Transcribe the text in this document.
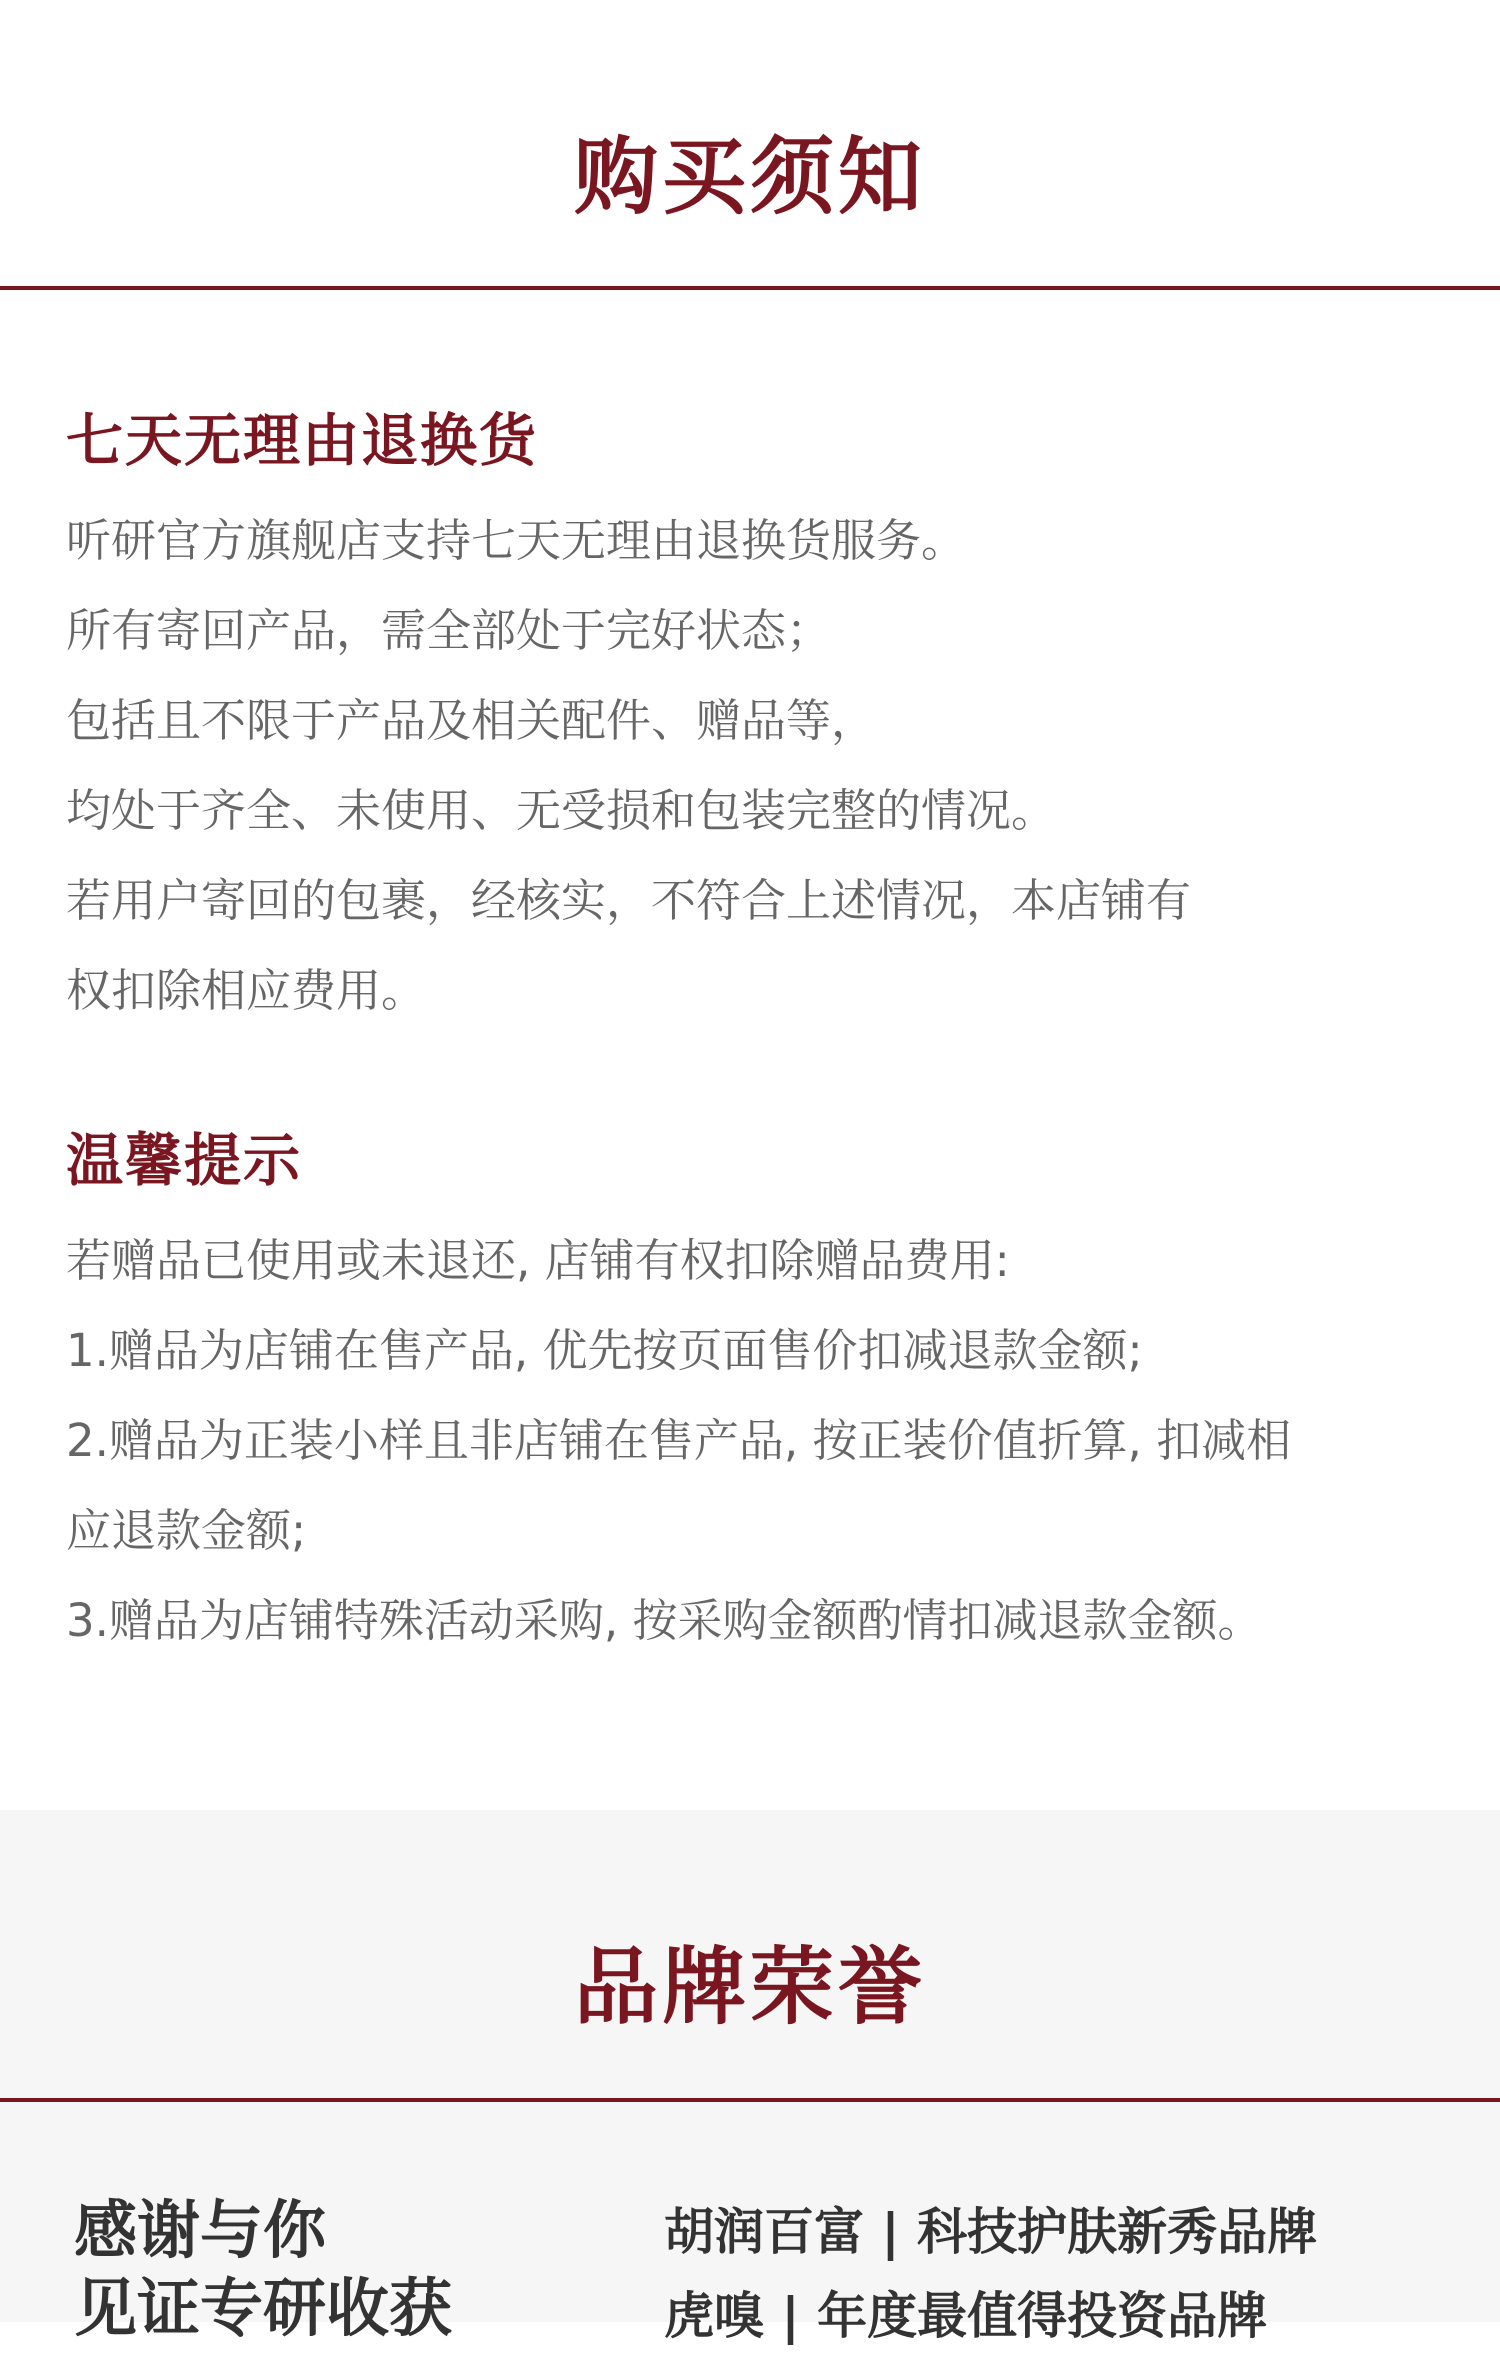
购买须知
七天无理由退换货
听研官方旗舰店支持七天无理由退换货服务。
所有寄回产品，需全部处于完好状态；
包括且不限于产品及相关配件、赠品等，
均处于齐全、未使用、无受损和包装完整的情况。
若用户寄回的包裹，经核实，不符合上述情况，本店铺有
权扣除相应费用。
温馨提示
若赠品已使用或未退还, 店铺有权扣除赠品费用:
1.赠品为店铺在售产品, 优先按页面售价扣减退款金额;
2.赠品为正装小样且非店铺在售产品, 按正装价值折算, 扣减相
应退款金额;
3.赠品为店铺特殊活动采购, 按采购金额酌情扣减退款金额。
品牌荣誉
感谢与你
见证专研收获
胡润百富 | 科技护肤新秀品牌
虎嗅 | 年度最值得投资品牌
